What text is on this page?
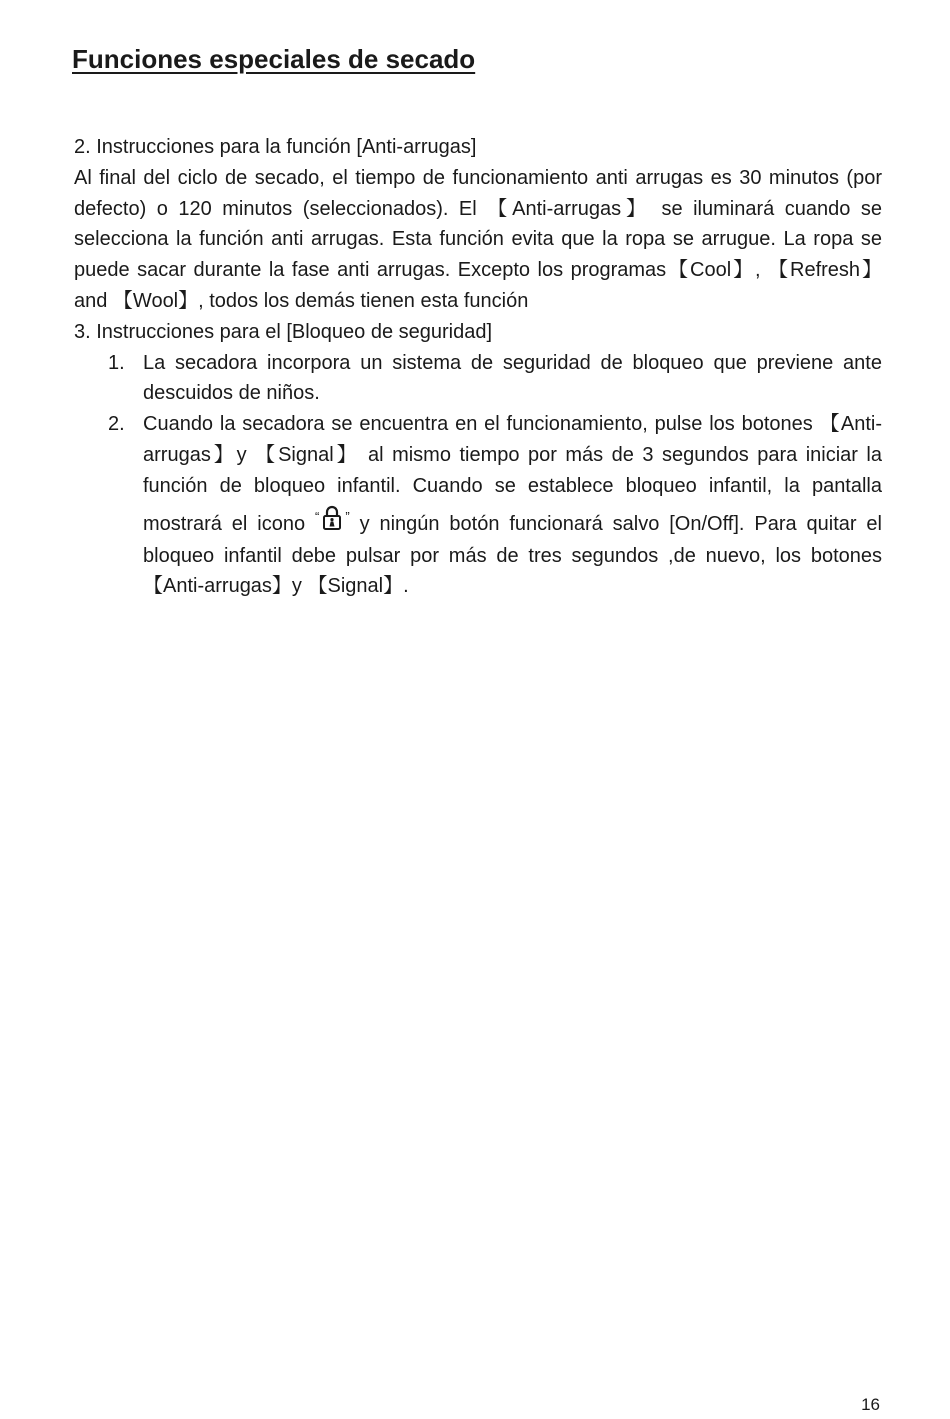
Funciones especiales de secado

2. Instrucciones para la función [Anti-arrugas]

Al final del ciclo de secado, el tiempo de funcionamiento anti arrugas es 30 minutos (por defecto) o 120 minutos (seleccionados). El 【Anti-arrugas】 se iluminará cuando se selecciona la función anti arrugas. Esta función evita que la ropa se arrugue. La ropa se puede sacar durante la fase anti arrugas. Excepto los programas【Cool】, 【Refresh】and 【Wool】, todos los demás tienen esta función

3. Instrucciones para el [Bloqueo de seguridad]

1. La secadora incorpora un sistema de seguridad de bloqueo que previene ante descuidos de niños.
2. Cuando la secadora se encuentra en el funcionamiento, pulse los botones 【Anti-arrugas】y 【Signal】 al mismo tiempo por más de 3 segundos para iniciar la función de bloqueo infantil. Cuando se establece bloqueo infantil, la pantalla mostrará el icono “ ” y ningún botón funcionará salvo [On/Off]. Para quitar el bloqueo infantil debe pulsar por más de tres segundos ,de nuevo, los botones 【Anti-arrugas】y 【Signal】.
16
